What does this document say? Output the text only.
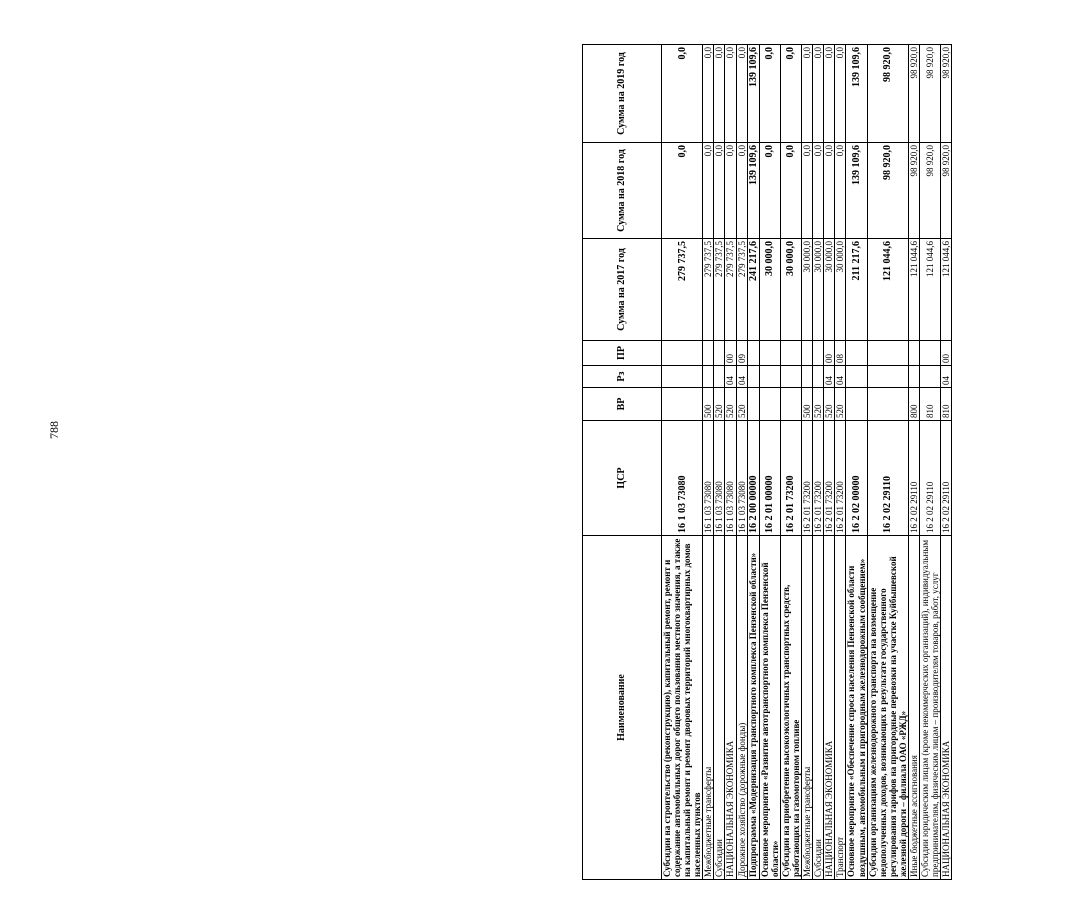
788
Наименование	ЦСР	ВР	Рз	ПР	Сумма на 2017 год	Сумма на 2018 год	Сумма на 2019 год
Субсидии на строительство (реконструкцию), капитальный ремонт, ремонт и содержание автомобильных дорог общего пользования местного значения, а также на капитальный ремонт и ремонт дворовых территорий многоквартирных домов населенных пунктов	16 1 03 73080				279 737,5	0,0	0,0
Межбюджетные трансферты	16 1 03 73080	500			279 737,5	0,0	0,0
Субсидии	16 1 03 73080	520			279 737,5	0,0	0,0
НАЦИОНАЛЬНАЯ ЭКОНОМИКА	16 1 03 73080	520	04	00	279 737,5	0,0	0,0
Дорожное хозяйство (дорожные фонды)	16 1 03 73080	520	04	09	279 737,5	0,0	0,0
Подпрограмма «Модернизация транспортного комплекса Пензенской области»	16 2 00 00000				241 217,6	139 109,6	139 109,6
Основное мероприятие «Развитие автотранспортного комплекса Пензенской области»	16 2 01 00000				30 000,0	0,0	0,0
Субсидии на приобретение высокоэкологичных транспортных средств, работающих на газомоторном топливе	16 2 01 73200				30 000,0	0,0	0,0
Межбюджетные трансферты	16 2 01 73200	500			30 000,0	0,0	0,0
Субсидии	16 2 01 73200	520			30 000,0	0,0	0,0
НАЦИОНАЛЬНАЯ ЭКОНОМИКА	16 2 01 73200	520	04	00	30 000,0	0,0	0,0
Транспорт	16 2 01 73200	520	04	08	30 000,0	0,0	0,0
Основное мероприятие «Обеспечение спроса населения Пензенской области воздушным, автомобильным и пригородным железнодорожным сообщением»	16 2 02 00000				211 217,6	139 109,6	139 109,6
Субсидии организациям железнодорожного транспорта на возмещение недополученных доходов, возникающих в результате государственного регулирования тарифов на пригородные перевозки на участке Куйбышевской железной дороги – филиала ОАО «РЖД»	16 2 02 29110				121 044,6	98 920,0	98 920,0
Иные бюджетные ассигнования	16 2 02 29110	800			121 044,6	98 920,0	98 920,0
Субсидии юридическим лицам (кроме некоммерческих организаций), индивидуальным предпринимателям, физическим лицам – производителям товаров, работ, услуг	16 2 02 29110	810			121 044,6	98 920,0	98 920,0
НАЦИОНАЛЬНАЯ ЭКОНОМИКА	16 2 02 29110	810	04	00	121 044,6	98 920,0	98 920,0
